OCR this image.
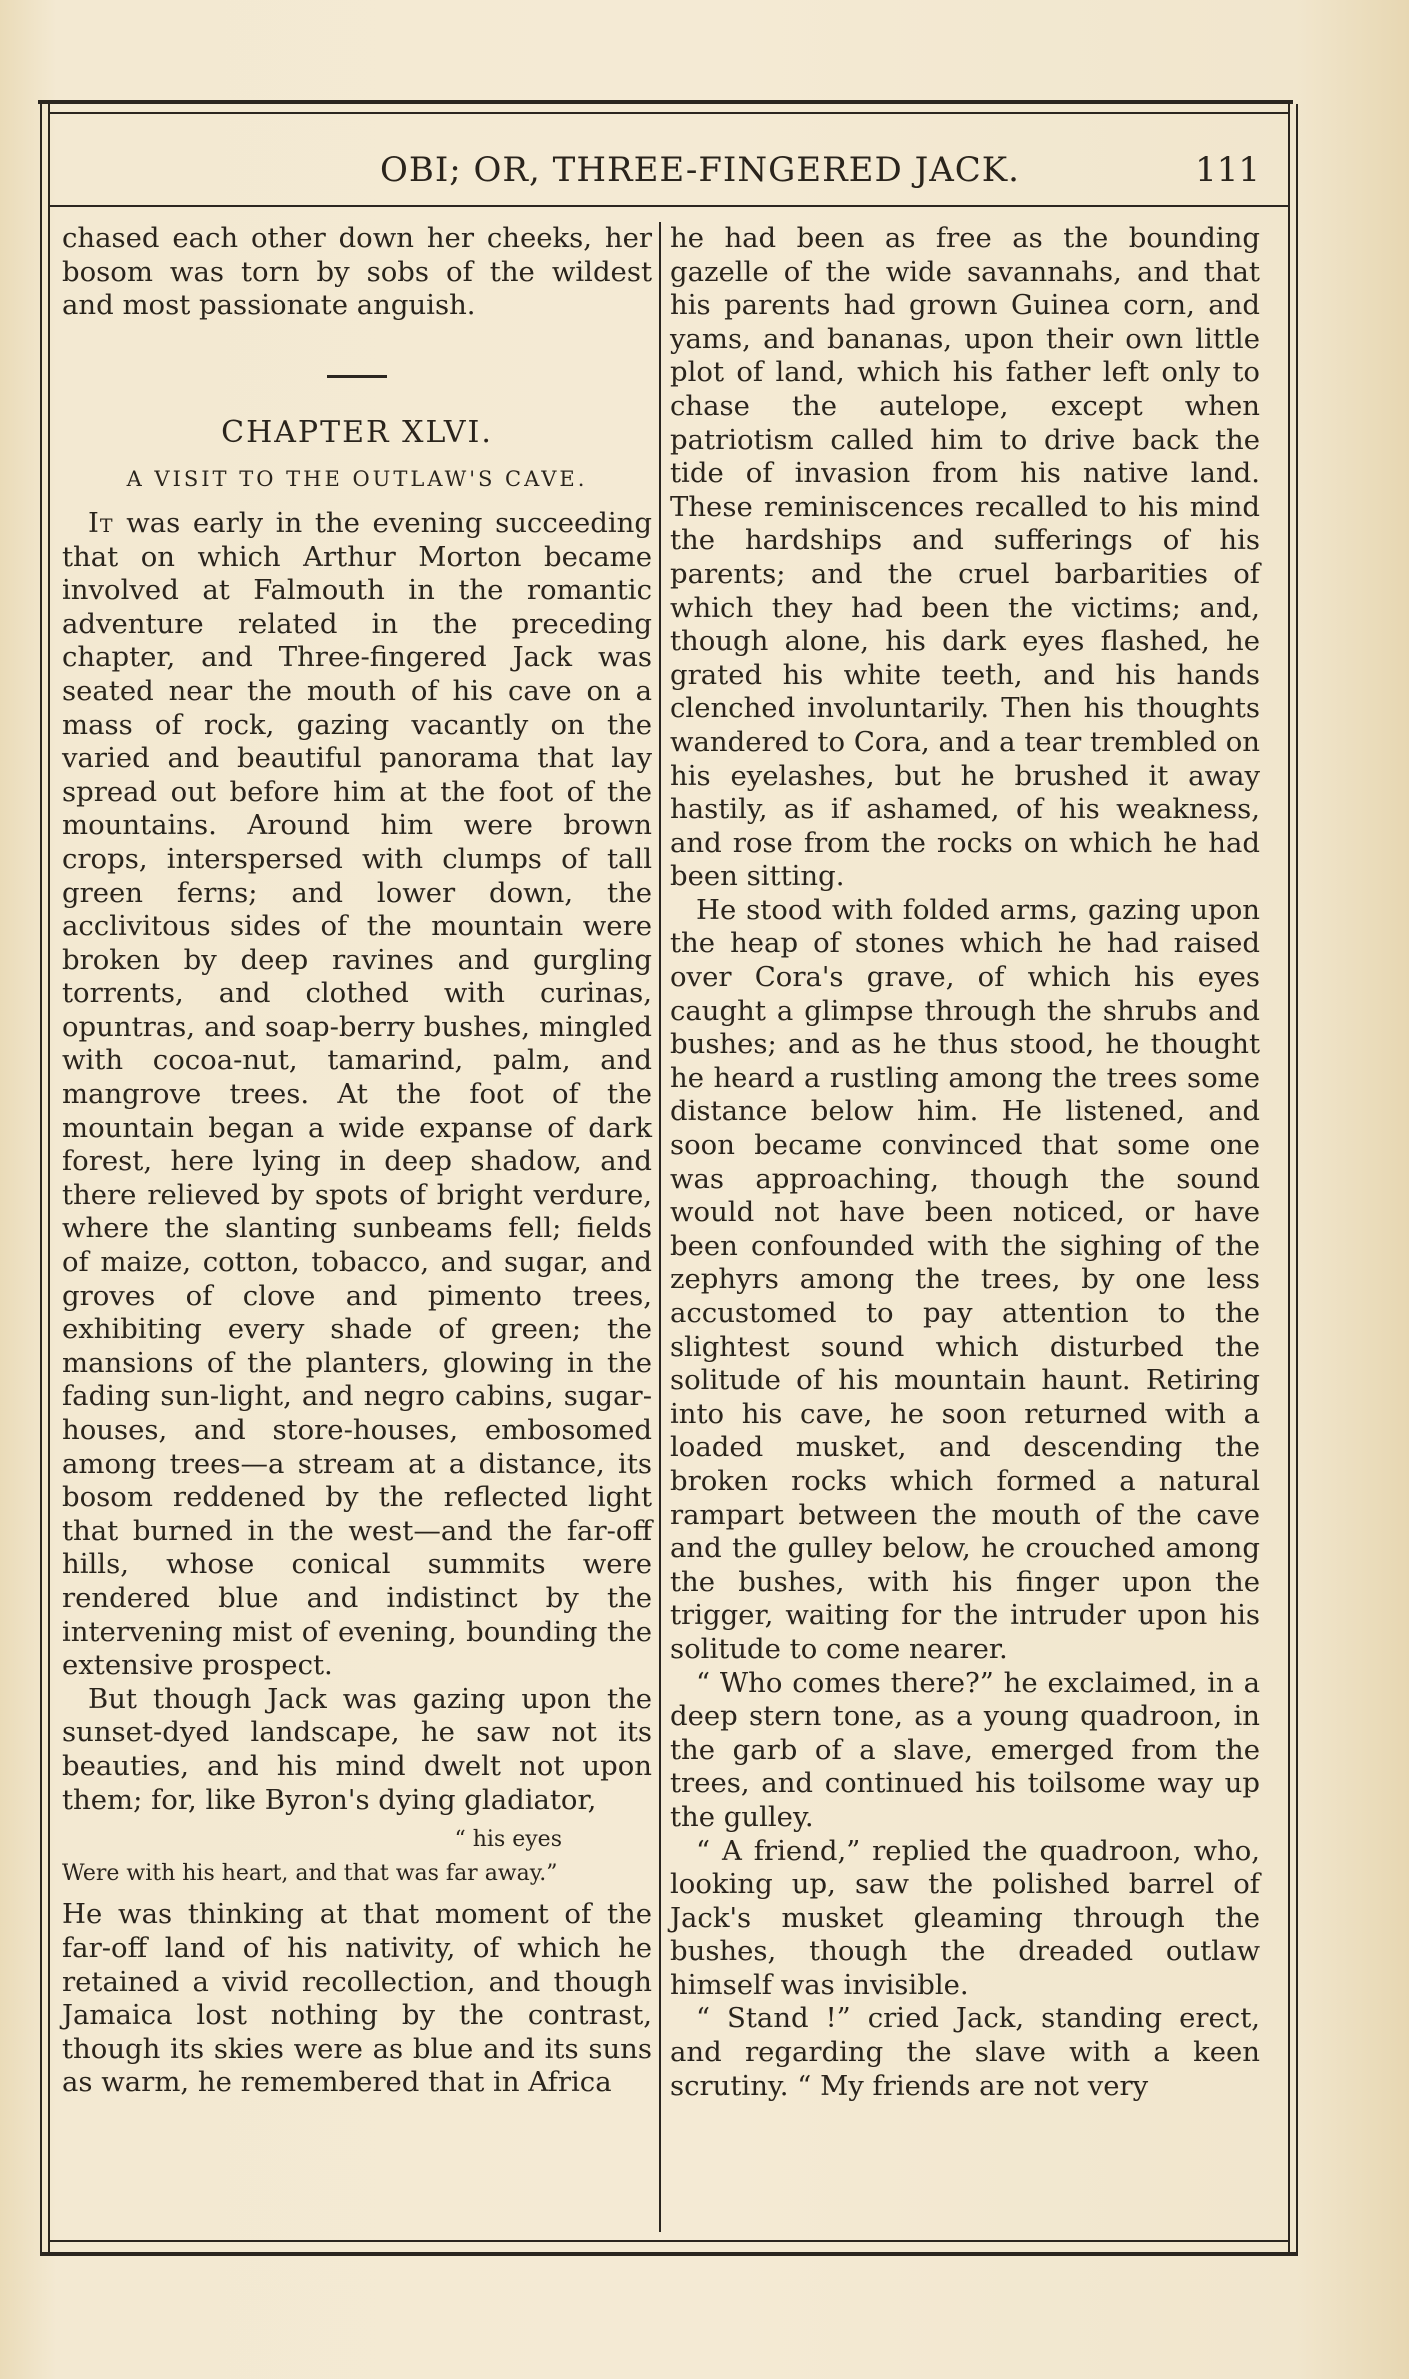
OBI; OR, THREE-FINGERED JACK.	111

chased each other down her cheeks, her bosom was torn by sobs of the wildest and most passionate anguish.

CHAPTER XLVI.
A VISIT TO THE OUTLAW'S CAVE.

It was early in the evening succeeding that on which Arthur Morton became involved at Falmouth in the romantic adventure related in the preceding chapter, and Three-fingered Jack was seated near the mouth of his cave on a mass of rock, gazing vacantly on the varied and beautiful panorama that lay spread out before him at the foot of the mountains. Around him were brown crops, interspersed with clumps of tall green ferns; and lower down, the acclivitous sides of the mountain were broken by deep ravines and gurgling torrents, and clothed with curinas, opuntras, and soap-berry bushes, mingled with cocoa-nut, tamarind, palm, and mangrove trees. At the foot of the mountain began a wide expanse of dark forest, here lying in deep shadow, and there relieved by spots of bright verdure, where the slanting sunbeams fell; fields of maize, cotton, tobacco, and sugar, and groves of clove and pimento trees, exhibiting every shade of green; the mansions of the planters, glowing in the fading sun-light, and negro cabins, sugar-houses, and store-houses, embosomed among trees—a stream at a distance, its bosom reddened by the reflected light that burned in the west—and the far-off hills, whose conical summits were rendered blue and indistinct by the intervening mist of evening, bounding the extensive prospect.

But though Jack was gazing upon the sunset-dyed landscape, he saw not its beauties, and his mind dwelt not upon them; for, like Byron's dying gladiator,

“ his eyes
Were with his heart, and that was far away.”

He was thinking at that moment of the far-off land of his nativity, of which he retained a vivid recollection, and though Jamaica lost nothing by the contrast, though its skies were as blue and its suns as warm, he remembered that in Africa

he had been as free as the bounding gazelle of the wide savannahs, and that his parents had grown Guinea corn, and yams, and bananas, upon their own little plot of land, which his father left only to chase the autelope, except when patriotism called him to drive back the tide of invasion from his native land. These reminiscences recalled to his mind the hardships and sufferings of his parents; and the cruel barbarities of which they had been the victims; and, though alone, his dark eyes flashed, he grated his white teeth, and his hands clenched involuntarily. Then his thoughts wandered to Cora, and a tear trembled on his eyelashes, but he brushed it away hastily, as if ashamed, of his weakness, and rose from the rocks on which he had been sitting.

He stood with folded arms, gazing upon the heap of stones which he had raised over Cora's grave, of which his eyes caught a glimpse through the shrubs and bushes; and as he thus stood, he thought he heard a rustling among the trees some distance below him. He listened, and soon became convinced that some one was approaching, though the sound would not have been noticed, or have been confounded with the sighing of the zephyrs among the trees, by one less accustomed to pay attention to the slightest sound which disturbed the solitude of his mountain haunt. Retiring into his cave, he soon returned with a loaded musket, and descending the broken rocks which formed a natural rampart between the mouth of the cave and the gulley below, he crouched among the bushes, with his finger upon the trigger, waiting for the intruder upon his solitude to come nearer.

“ Who comes there?” he exclaimed, in a deep stern tone, as a young quadroon, in the garb of a slave, emerged from the trees, and continued his toilsome way up the gulley.

“ A friend,” replied the quadroon, who, looking up, saw the polished barrel of Jack's musket gleaming through the bushes, though the dreaded outlaw himself was invisible.

“ Stand !” cried Jack, standing erect, and regarding the slave with a keen scrutiny. “ My friends are not very
